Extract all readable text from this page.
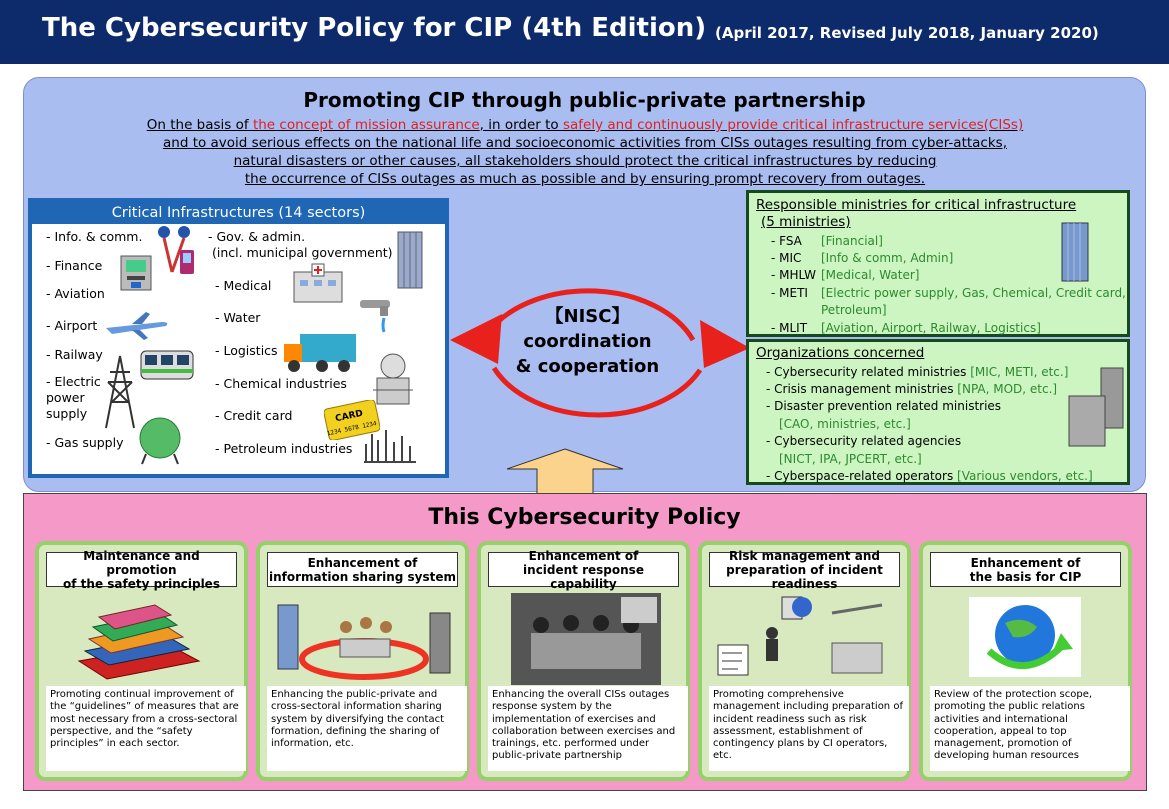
The Cybersecurity Policy for CIP (4th Edition) (April 2017, Revised July 2018, January 2020)
Promoting CIP through public-private partnership
On the basis of the concept of mission assurance, in order to safely and continuously provide critical infrastructure services(CISs)
and to avoid serious effects on the national life and socioeconomic activities from CISs outages resulting from cyber-attacks,
natural disasters or other causes, all stakeholders should protect the critical infrastructures by reducing
the occurrence of CISs outages as much as possible and by ensuring prompt recovery from outages.
Critical Infrastructures (14 sectors)
- Info. & comm.
- Finance
- Aviation
- Airport
- Railway
- Electric
power
supply
- Gas supply
- Gov. & admin.
(incl. municipal government)
- Medical
- Water
- Logistics
- Chemical industries
- Credit card
- Petroleum industries
CARD
1234 5678 1234
【NISC】
coordination
& cooperation
Responsible ministries for critical infrastructure
(5 ministries)
- FSA [Financial]
- MIC [Info & comm, Admin]
- MHLW [Medical, Water]
- METI [Electric power supply, Gas, Chemical, Credit card,
Petroleum]
- MLIT [Aviation, Airport, Railway, Logistics]
Organizations concerned
- Cybersecurity related ministries [MIC, METI, etc.]
- Crisis management ministries [NPA, MOD, etc.]
- Disaster prevention related ministries
[CAO, ministries, etc.]
- Cybersecurity related agencies
[NICT, IPA, JPCERT, etc.]
- Cyberspace-related operators [Various vendors, etc.]
This Cybersecurity Policy
Maintenance and promotion
of the safety principles
Promoting continual improvement of the “guidelines” of measures that are most necessary from a cross-sectoral perspective, and the “safety principles” in each sector.
Enhancement of
information sharing system
Enhancing the public-private and cross-sectoral information sharing system by diversifying the contact formation, defining the sharing of information, etc.
Enhancement of
incident response capability
Enhancing the overall CISs outages response system by the implementation of exercises and collaboration between exercises and trainings, etc. performed under public-private partnership
Risk management and
preparation of incident
readiness
Promoting comprehensive management including preparation of incident readiness such as risk assessment, establishment of contingency plans by CI operators, etc.
Enhancement of
the basis for CIP
Review of the protection scope, promoting the public relations activities and international cooperation, appeal to top management, promotion of developing human resources
